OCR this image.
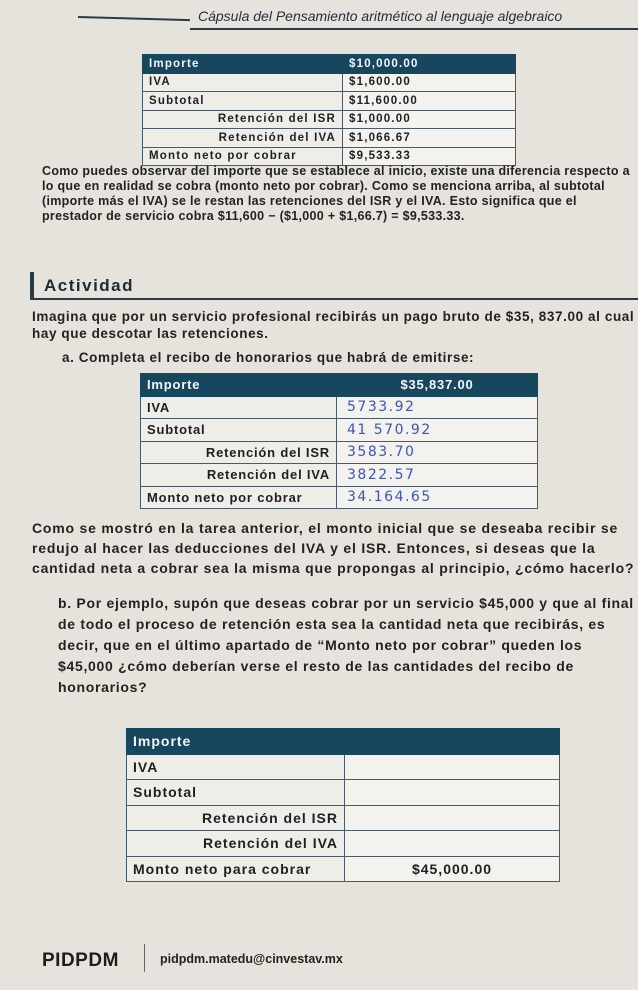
Cápsula del Pensamiento aritmético al lenguaje algebraico
Importe	$10,000.00
IVA	$1,600.00
Subtotal	$11,600.00
Retención del ISR	$1,000.00
Retención del IVA	$1,066.67
Monto neto por cobrar	$9,533.33
Como puedes observar del importe que se establece al inicio, existe una diferencia respecto a lo que en realidad se cobra (monto neto por cobrar). Como se menciona arriba, al subtotal (importe más el IVA) se le restan las retenciones del ISR y el IVA. Esto significa que el prestador de servicio cobra $11,600 − ($1,000 + $1,66.7) = $9,533.33.
Actividad
Imagina que por un servicio profesional recibirás un pago bruto de $35, 837.00 al cual hay que descotar las retenciones.
a. Completa el recibo de honorarios que habrá de emitirse:
Importe	$35,837.00
IVA	5733.92
Subtotal	41 570.92
Retención del ISR	3583.70
Retención del IVA	3822.57
Monto neto por cobrar	34.164.65
Como se mostró en la tarea anterior, el monto inicial que se deseaba recibir se
redujo al hacer las deducciones del IVA y el ISR. Entonces, si deseas que la
cantidad neta a cobrar sea la misma que propongas al principio, ¿cómo hacerlo?
b. Por ejemplo, supón que deseas cobrar por un servicio $45,000 y que al final de todo el proceso de retención esta sea la cantidad neta que recibirás, es decir, que en el último apartado de “Monto neto por cobrar” queden los $45,000 ¿cómo deberían verse el resto de las cantidades del recibo de honorarios?
Importe	
IVA	
Subtotal	
Retención del ISR	
Retención del IVA	
Monto neto para cobrar	$45,000.00
PIDPDM	pidpdm.matedu@cinvestav.mx
